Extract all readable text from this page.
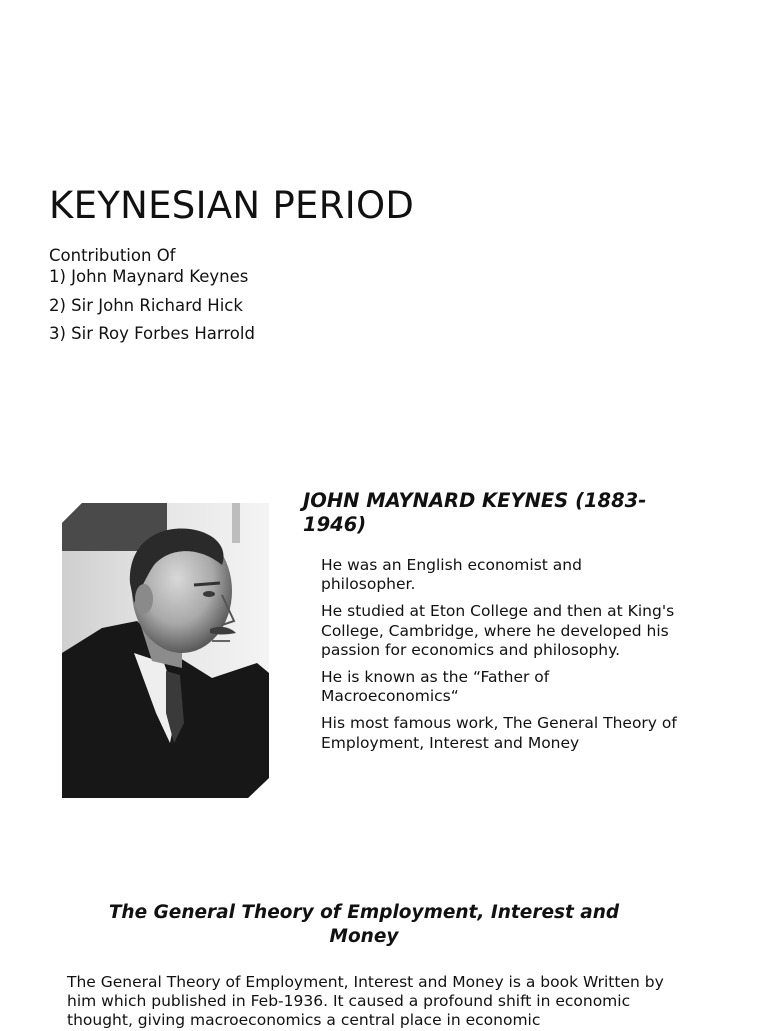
KEYNESIAN PERIOD

Contribution Of

1) John Maynard Keynes
2) Sir John Richard Hick
3) Sir Roy Forbes Harrold
JOHN MAYNARD KEYNES (1883-1946)
He was an English economist and philosopher.
He studied at Eton College and then at King's College, Cambridge, where he developed his passion for economics and philosophy.
He is known as the “Father of Macroeconomics“
His most famous work, The General Theory of Employment, Interest and Money
The General Theory of Employment, Interest and Money

The General Theory of Employment, Interest and Money is a book Written by him which published in Feb-1936. It caused a profound shift in economic thought, giving macroeconomics a central place in economic
